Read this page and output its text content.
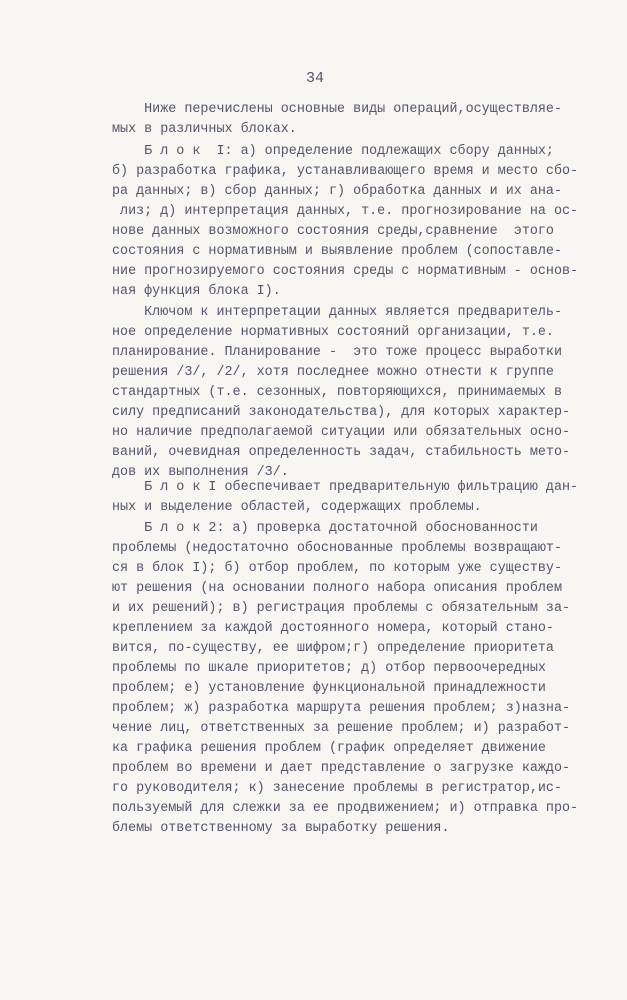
34
Ниже перечислены основные виды операций,осуществляе-
мых в различных блоках.
Б л о к  I: а) определение подлежащих сбору данных;
б) разработка графика, устанавливающего время и место сбо-
ра данных; в) сбор данных; г) обработка данных и их ана-
лиз; д) интерпретация данных, т.е. прогнозирование на ос-
нове данных возможного состояния среды,сравнение  этого
состояния с нормативным и выявление проблем (сопоставле-
ние прогнозируемого состояния среды с нормативным - основ-
ная функция блока I).
Ключом к интерпретации данных является предваритель-
ное определение нормативных состояний организации, т.е.
планирование. Планирование -  это тоже процесс выработки
решения /3/, /2/, хотя последнее можно отнести к группе
стандартных (т.е. сезонных, повторяющихся, принимаемых в
силу предписаний законодательства), для которых характер-
но наличие предполагаемой ситуации или обязательных осно-
ваний, очевидная определенность задач, стабильность мето-
дов их выполнения /3/.
Б л о к I обеспечивает предварительную фильтрацию дан-
ных и выделение областей, содержащих проблемы.
Б л о к 2: а) проверка достаточной обоснованности
проблемы (недостаточно обоснованные проблемы возвращают-
ся в блок I); б) отбор проблем, по которым уже существу-
ют решения (на основании полного набора описания проблем
и их решений); в) регистрация проблемы с обязательным за-
креплением за каждой достоянного номера, который стано-
вится, по-существу, ее шифром;г) определение приоритета
проблемы по шкале приоритетов; д) отбор первоочередных
проблем; е) установление функциональной принадлежности
проблем; ж) разработка маршрута решения проблем; з)назна-
чение лиц, ответственных за решение проблем; и) разработ-
ка графика решения проблем (график определяет движение
проблем во времени и дает представление о загрузке каждо-
го руководителя; к) занесение проблемы в регистратор,ис-
пользуемый для слежки за ее продвижением; и) отправка про-
блемы ответственному за выработку решения.
